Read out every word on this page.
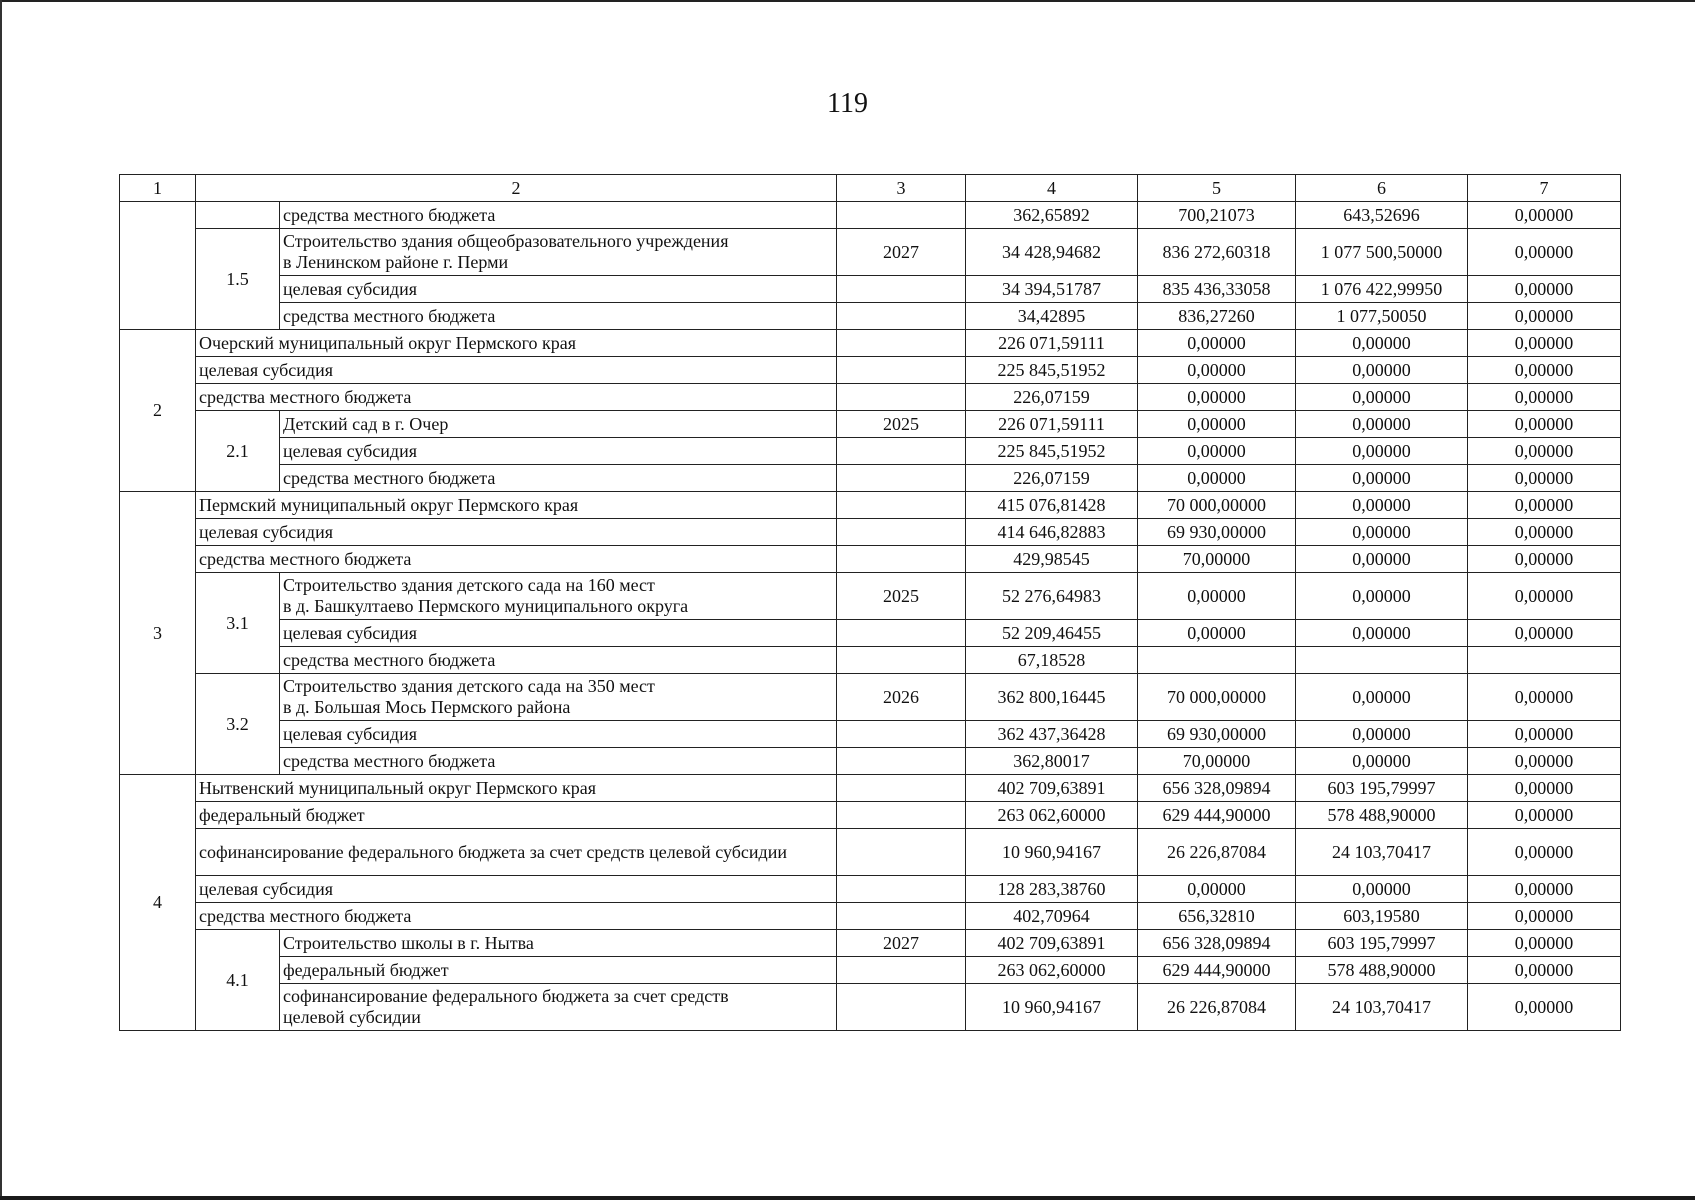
119
1	2		3	4	5	6	7
		средства местного бюджета		362,65892	700,21073	643,52696	0,00000
	1.5	Строительство здания общеобразовательного учреждения
в Ленинском районе г. Перми	2027	34 428,94682	836 272,60318	1 077 500,50000	0,00000
		целевая субсидия		34 394,51787	835 436,33058	1 076 422,99950	0,00000
		средства местного бюджета		34,42895	836,27260	1 077,50050	0,00000
2	Очерский муниципальный округ Пермского края			226 071,59111	0,00000	0,00000	0,00000
	целевая субсидия			225 845,51952	0,00000	0,00000	0,00000
	средства местного бюджета			226,07159	0,00000	0,00000	0,00000
	2.1	Детский сад в г. Очер	2025	226 071,59111	0,00000	0,00000	0,00000
		целевая субсидия		225 845,51952	0,00000	0,00000	0,00000
		средства местного бюджета		226,07159	0,00000	0,00000	0,00000
3	Пермский муниципальный округ Пермского края			415 076,81428	70 000,00000	0,00000	0,00000
	целевая субсидия			414 646,82883	69 930,00000	0,00000	0,00000
	средства местного бюджета			429,98545	70,00000	0,00000	0,00000
	3.1	Строительство здания детского сада на 160 мест
в д. Башкултаево Пермского муниципального округа	2025	52 276,64983	0,00000	0,00000	0,00000
		целевая субсидия		52 209,46455	0,00000	0,00000	0,00000
		средства местного бюджета		67,18528			
	3.2	Строительство здания детского сада на 350 мест
в д. Большая Мось Пермского района	2026	362 800,16445	70 000,00000	0,00000	0,00000
		целевая субсидия		362 437,36428	69 930,00000	0,00000	0,00000
		средства местного бюджета		362,80017	70,00000	0,00000	0,00000
4	Нытвенский муниципальный округ Пермского края			402 709,63891	656 328,09894	603 195,79997	0,00000
	федеральный бюджет			263 062,60000	629 444,90000	578 488,90000	0,00000
	софинансирование федерального бюджета за счет средств целевой субсидии			10 960,94167	26 226,87084	24 103,70417	0,00000
	целевая субсидия			128 283,38760	0,00000	0,00000	0,00000
	средства местного бюджета			402,70964	656,32810	603,19580	0,00000
	4.1	Строительство школы в г. Нытва	2027	402 709,63891	656 328,09894	603 195,79997	0,00000
		федеральный бюджет		263 062,60000	629 444,90000	578 488,90000	0,00000
		софинансирование федерального бюджета за счет средств
целевой субсидии		10 960,94167	26 226,87084	24 103,70417	0,00000
